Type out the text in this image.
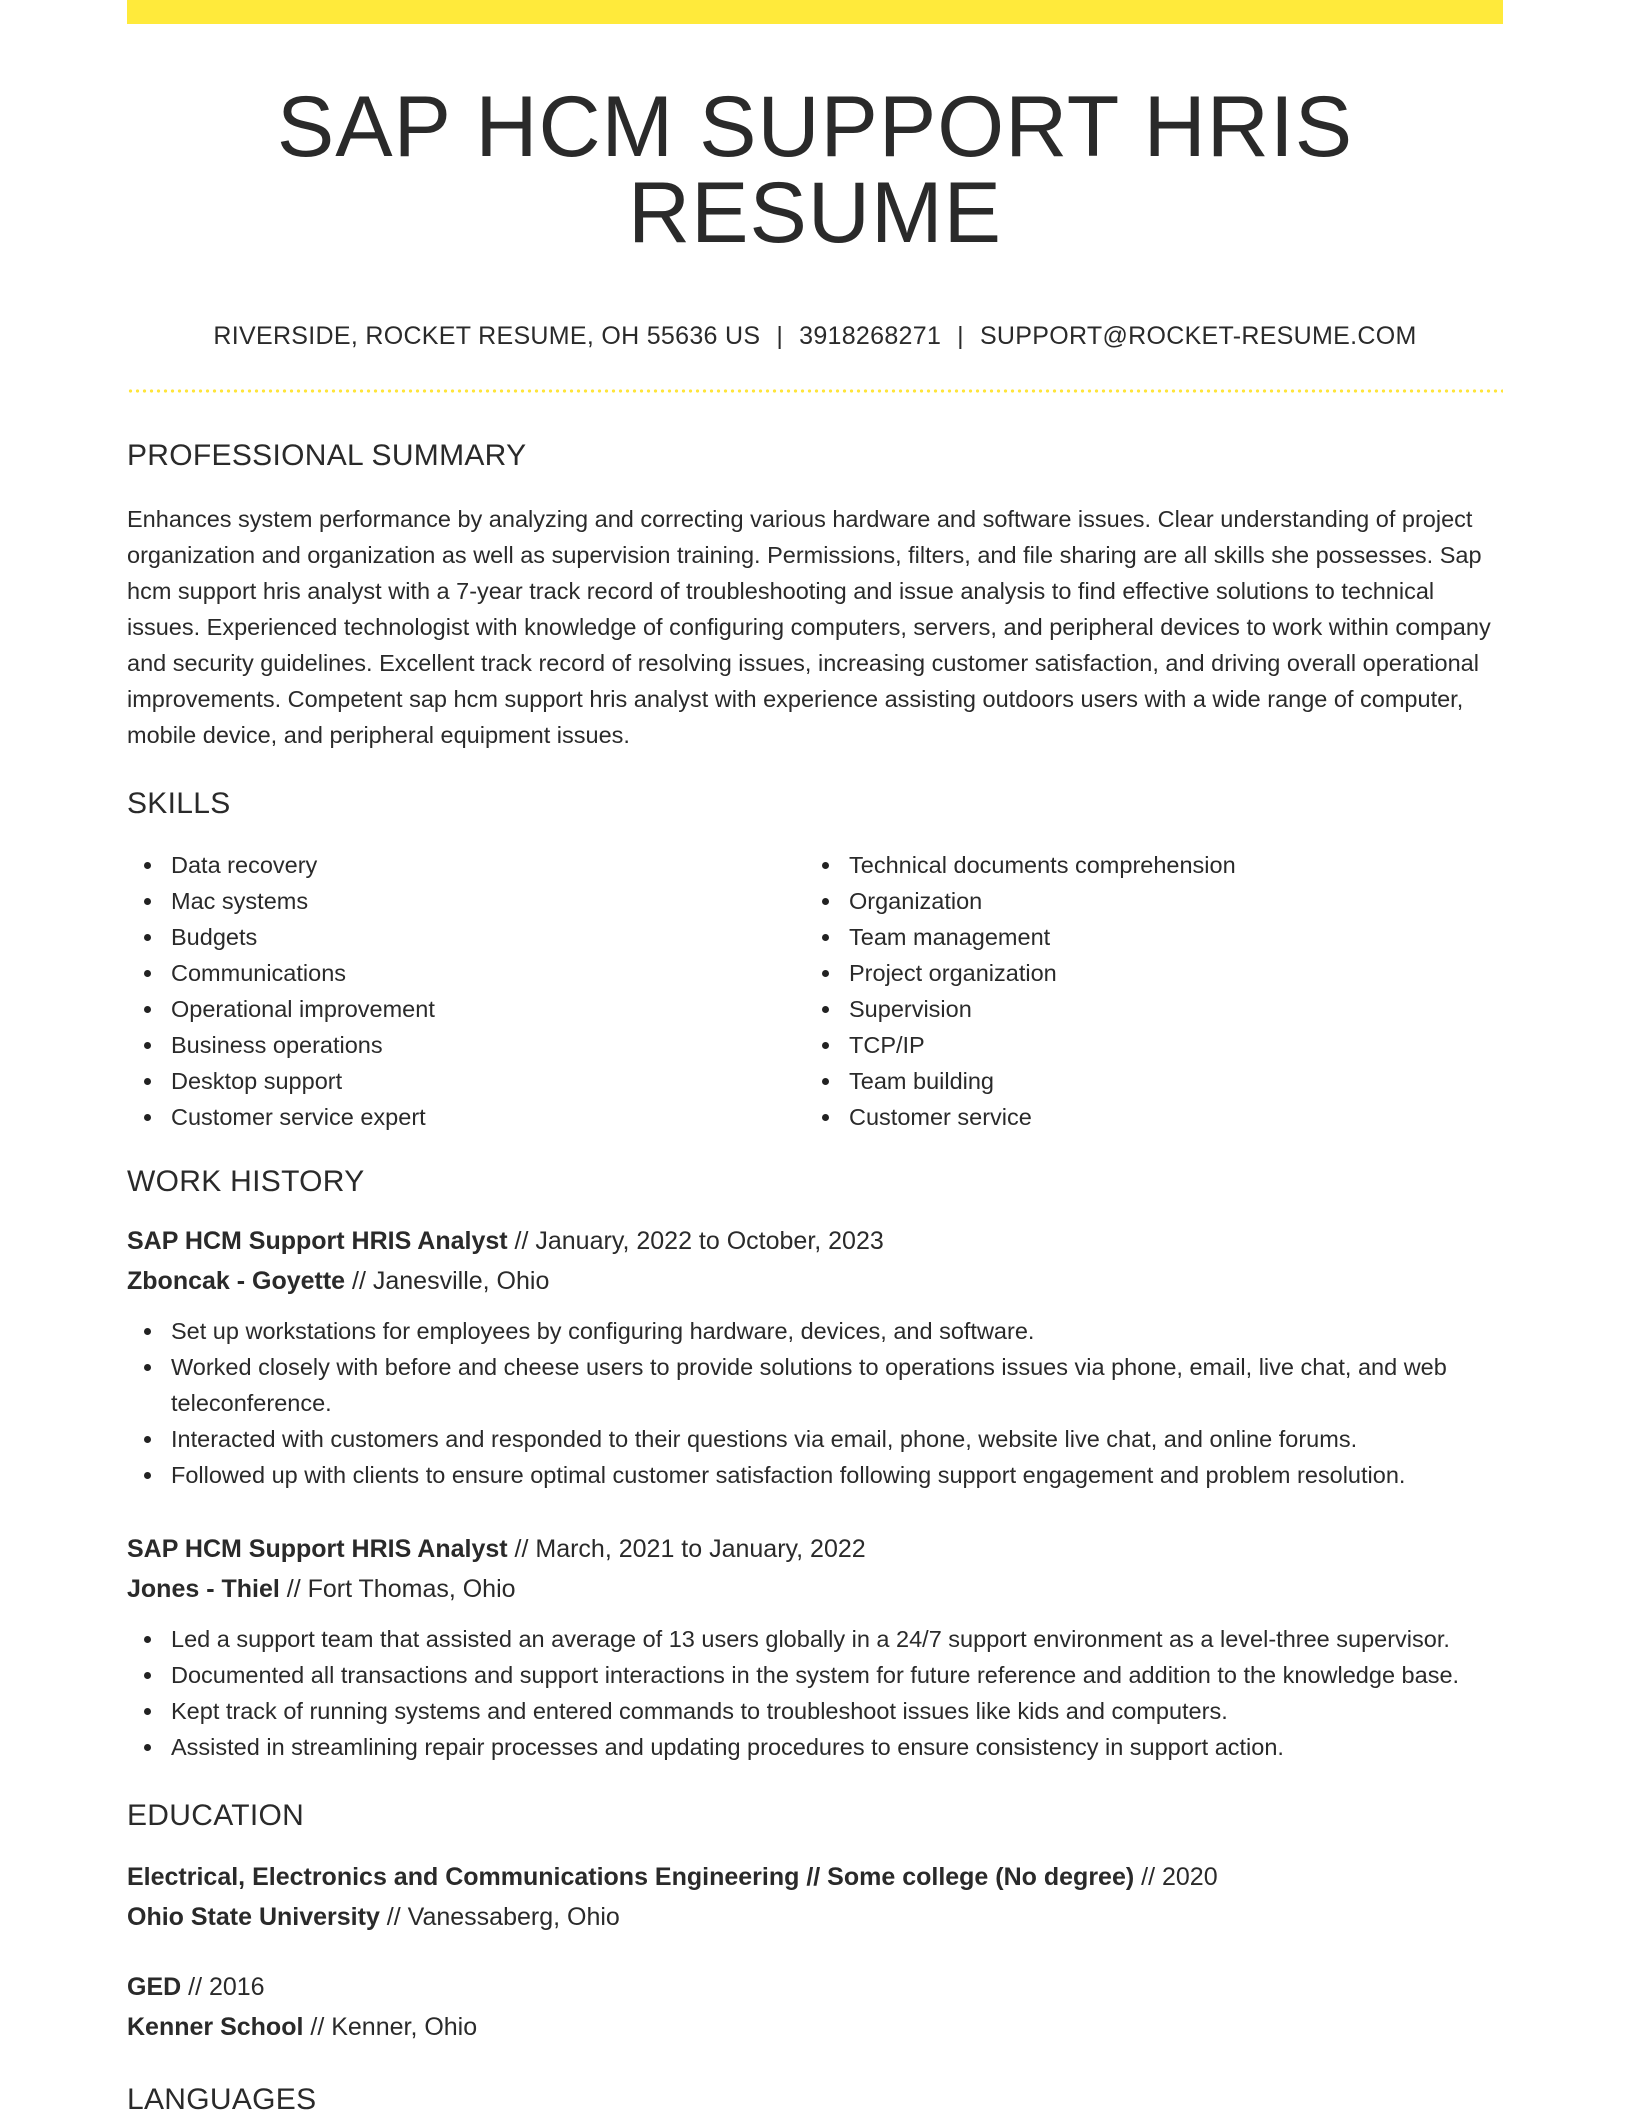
SAP HCM SUPPORT HRIS RESUME
RIVERSIDE, ROCKET RESUME, OH 55636 US | 3918268271 | SUPPORT@ROCKET-RESUME.COM
PROFESSIONAL SUMMARY

Enhances system performance by analyzing and correcting various hardware and software issues. Clear understanding of project organization and organization as well as supervision training. Permissions, filters, and file sharing are all skills she possesses. Sap hcm support hris analyst with a 7-year track record of troubleshooting and issue analysis to find effective solutions to technical issues. Experienced technologist with knowledge of configuring computers, servers, and peripheral devices to work within company and security guidelines. Excellent track record of resolving issues, increasing customer satisfaction, and driving overall operational improvements. Competent sap hcm support hris analyst with experience assisting outdoors users with a wide range of computer, mobile device, and peripheral equipment issues.

SKILLS
Data recovery
Mac systems
Budgets
Communications
Operational improvement
Business operations
Desktop support
Customer service expert
Technical documents comprehension
Organization
Team management
Project organization
Supervision
TCP/IP
Team building
Customer service
WORK HISTORY
SAP HCM Support HRIS Analyst // January, 2022 to October, 2023
Zboncak - Goyette // Janesville, Ohio
Set up workstations for employees by configuring hardware, devices, and software.
Worked closely with before and cheese users to provide solutions to operations issues via phone, email, live chat, and web teleconference.
Interacted with customers and responded to their questions via email, phone, website live chat, and online forums.
Followed up with clients to ensure optimal customer satisfaction following support engagement and problem resolution.
SAP HCM Support HRIS Analyst // March, 2021 to January, 2022
Jones - Thiel // Fort Thomas, Ohio
Led a support team that assisted an average of 13 users globally in a 24/7 support environment as a level-three supervisor.
Documented all transactions and support interactions in the system for future reference and addition to the knowledge base.
Kept track of running systems and entered commands to troubleshoot issues like kids and computers.
Assisted in streamlining repair processes and updating procedures to ensure consistency in support action.
EDUCATION
Electrical, Electronics and Communications Engineering // Some college (No degree) // 2020
Ohio State University // Vanessaberg, Ohio
GED // 2016
Kenner School // Kenner, Ohio
LANGUAGES
